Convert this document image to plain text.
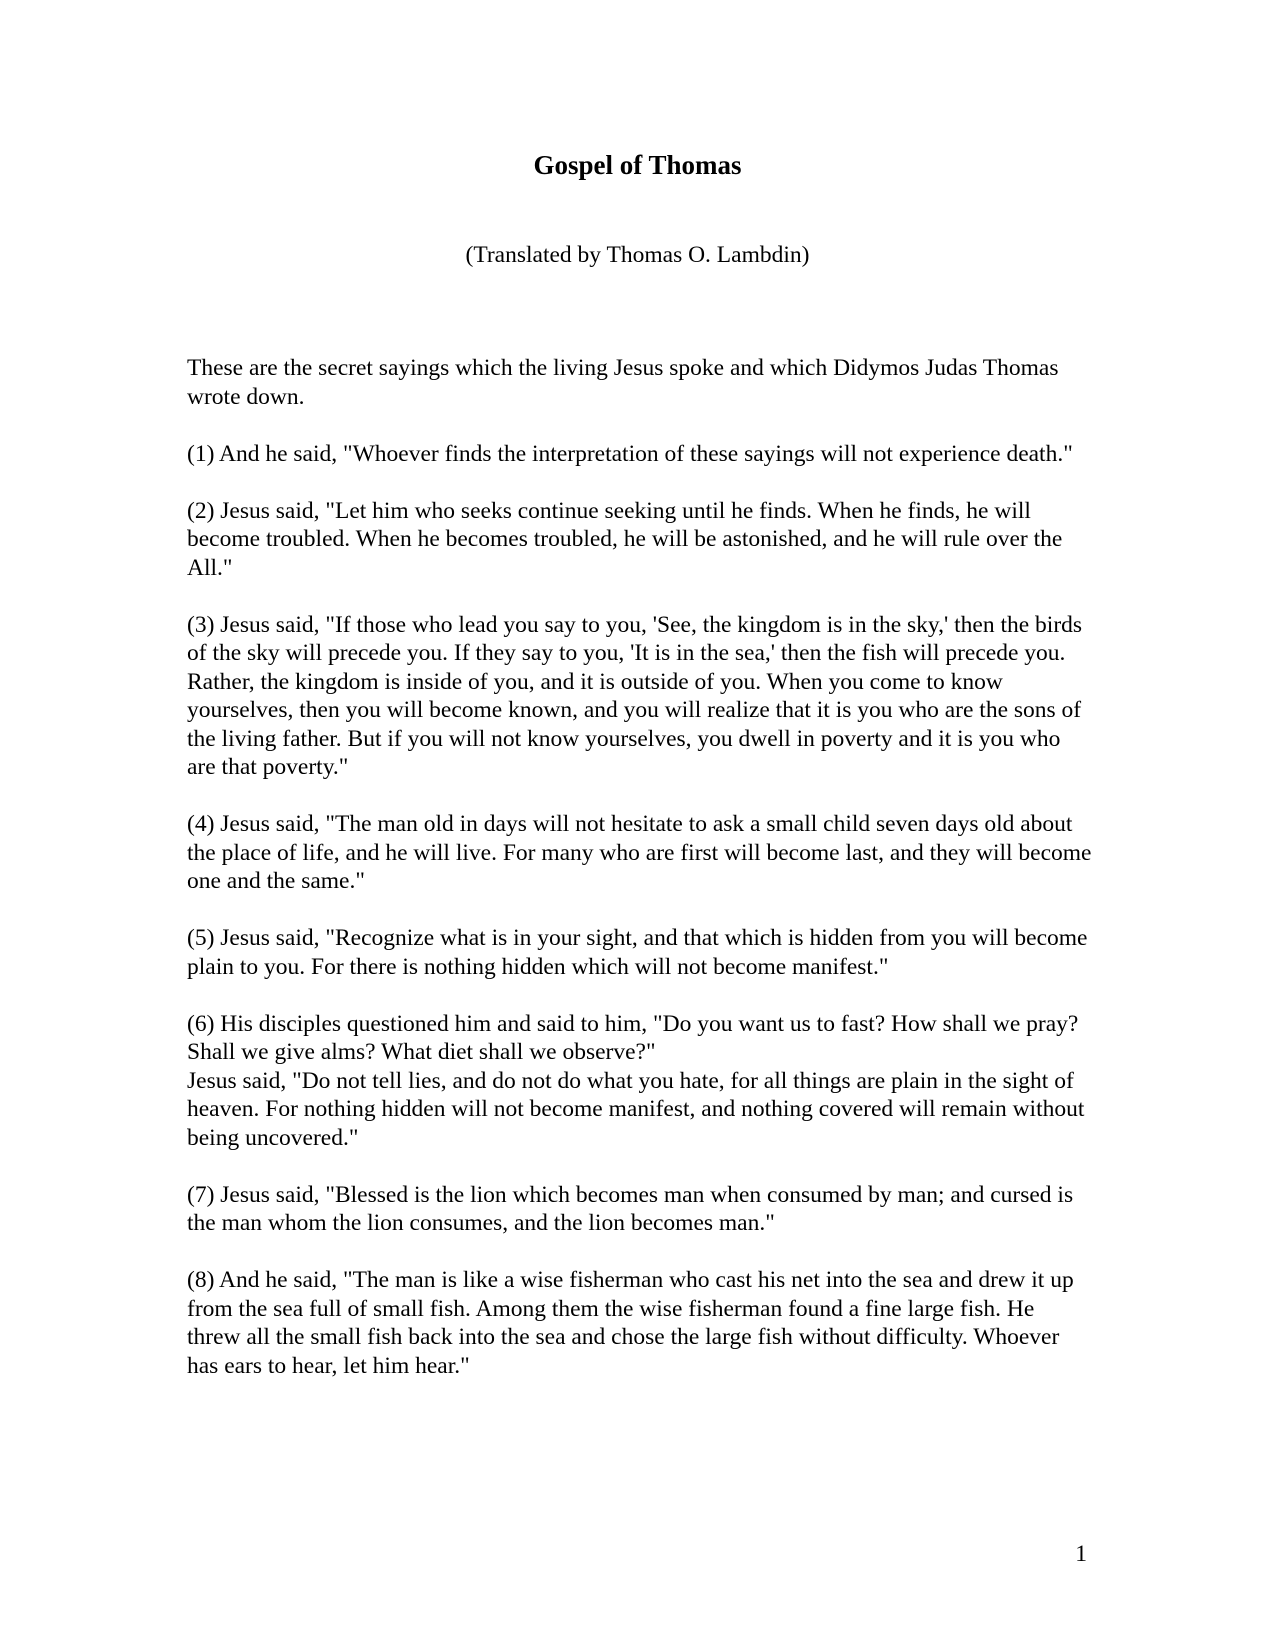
Gospel of Thomas
(Translated by Thomas O. Lambdin)

These are the secret sayings which the living Jesus spoke and which Didymos Judas Thomas wrote down.

(1) And he said, "Whoever finds the interpretation of these sayings will not experience death."

(2) Jesus said, "Let him who seeks continue seeking until he finds. When he finds, he will become troubled. When he becomes troubled, he will be astonished, and he will rule over the All."

(3) Jesus said, "If those who lead you say to you, 'See, the kingdom is in the sky,' then the birds of the sky will precede you. If they say to you, 'It is in the sea,' then the fish will precede you. Rather, the kingdom is inside of you, and it is outside of you. When you come to know yourselves, then you will become known, and you will realize that it is you who are the sons of the living father. But if you will not know yourselves, you dwell in poverty and it is you who are that poverty."

(4) Jesus said, "The man old in days will not hesitate to ask a small child seven days old about the place of life, and he will live. For many who are first will become last, and they will become one and the same."

(5) Jesus said, "Recognize what is in your sight, and that which is hidden from you will become plain to you. For there is nothing hidden which will not become manifest."

(6) His disciples questioned him and said to him, "Do you want us to fast? How shall we pray? Shall we give alms? What diet shall we observe?"

Jesus said, "Do not tell lies, and do not do what you hate, for all things are plain in the sight of heaven. For nothing hidden will not become manifest, and nothing covered will remain without being uncovered."

(7) Jesus said, "Blessed is the lion which becomes man when consumed by man; and cursed is the man whom the lion consumes, and the lion becomes man."

(8) And he said, "The man is like a wise fisherman who cast his net into the sea and drew it up from the sea full of small fish. Among them the wise fisherman found a fine large fish. He threw all the small fish back into the sea and chose the large fish without difficulty. Whoever has ears to hear, let him hear."

1
